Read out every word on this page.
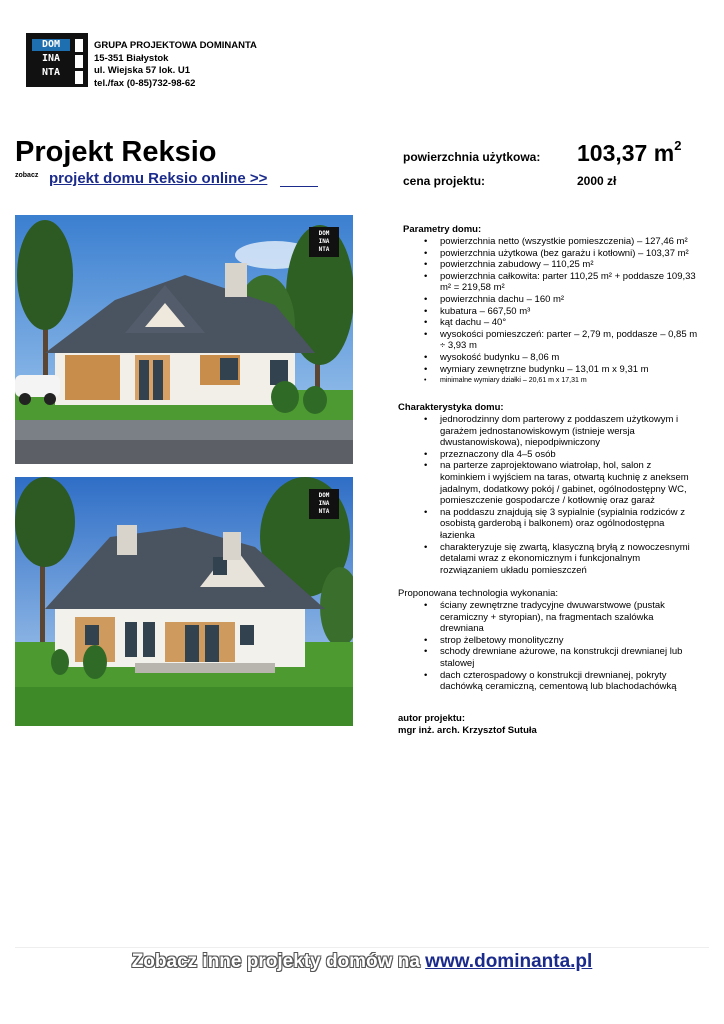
DOM
INA
NTA
GRUPA PROJEKTOWA DOMINANTA
15-351 Białystok
ul. Wiejska 57 lok. U1
tel./fax (0-85)732-98-62
Projekt Reksio
zobacz projekt domu Reksio online >>
powierzchnia użytkowa: 103,37 $m^2$
cena projektu:	2000 zł
DOM
INA
NTA
DOM
INA
NTA
Parametry domu:
• powierzchnia netto (wszystkie pomieszczenia) – 127,46 m²
• powierzchnia użytkowa (bez garażu i kotłowni) – 103,37 m²
• powierzchnia zabudowy – 110,25 m²
• powierzchnia całkowita: parter 110,25 m² + poddasze 109,33 m² = 219,58 m²
• powierzchnia dachu – 160 m²
• kubatura – 667,50 m³
• kąt dachu – 40°
• wysokości pomieszczeń: parter – 2,79 m, poddasze – 0,85 m ÷ 3,93 m
• wysokość budynku – 8,06 m
• wymiary zewnętrzne budynku – 13,01 m x 9,31 m
• minimalne wymiary działki – 20,61 m x 17,31 m
Charakterystyka domu:
• jednorodzinny dom parterowy z poddaszem użytkowym i garażem jednostanowiskowym (istnieje wersja dwustanowiskowa), niepodpiwniczony
• przeznaczony dla 4–5 osób
• na parterze zaprojektowano wiatrołap, hol, salon z kominkiem i wyjściem na taras, otwartą kuchnię z aneksem jadalnym, dodatkowy pokój / gabinet, ogólnodostępny WC, pomieszczenie gospodarcze / kotłownię oraz garaż
• na poddaszu znajdują się 3 sypialnie (sypialnia rodziców z osobistą garderobą i balkonem) oraz ogólnodostępna łazienka
• charakteryzuje się zwartą, klasyczną bryłą z nowoczesnymi detalami wraz z ekonomicznym i funkcjonalnym rozwiązaniem układu pomieszczeń
Proponowana technologia wykonania:
• ściany zewnętrzne tradycyjne dwuwarstwowe (pustak ceramiczny + styropian), na fragmentach szalówka drewniana
• strop żelbetowy monolityczny
• schody drewniane ażurowe, na konstrukcji drewnianej lub stalowej
• dach czterospadowy o konstrukcji drewnianej, pokryty dachówką ceramiczną, cementową lub blachodachówką
autor projektu:
mgr inż. arch. Krzysztof Sutuła
Zobacz inne projekty domów na www.dominanta.pl
